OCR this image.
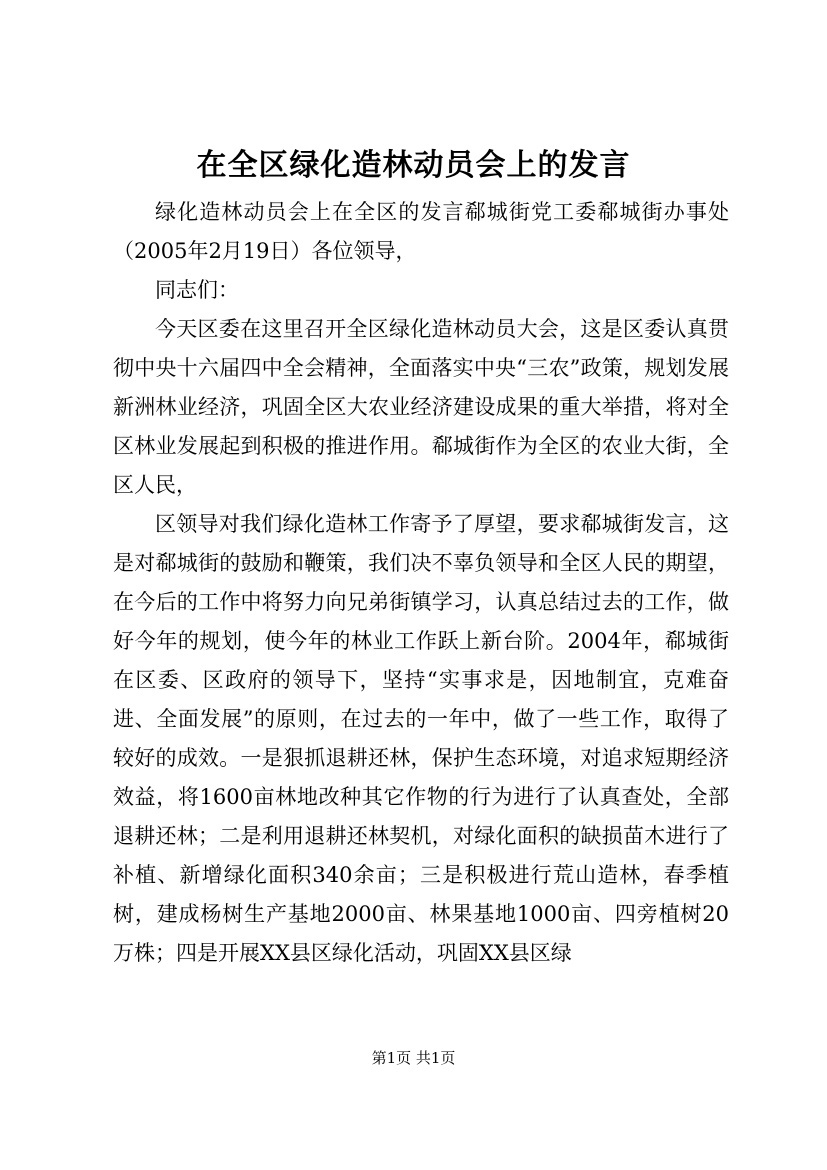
在全区绿化造林动员会上的发言

绿化造林动员会上在全区的发言郗城街党工委郗城街办事处（2005年2月19日）各位领导，

同志们：

今天区委在这里召开全区绿化造林动员大会，这是区委认真贯彻中央十六届四中全会精神，全面落实中央“三农”政策，规划发展新洲林业经济，巩固全区大农业经济建设成果的重大举措，将对全区林业发展起到积极的推进作用。郗城街作为全区的农业大街，全区人民，

区领导对我们绿化造林工作寄予了厚望，要求郗城街发言，这是对郗城街的鼓励和鞭策，我们决不辜负领导和全区人民的期望，在今后的工作中将努力向兄弟街镇学习，认真总结过去的工作，做好今年的规划，使今年的林业工作跃上新台阶。2004年，郗城街在区委、区政府的领导下，坚持“实事求是，因地制宜，克难奋进、全面发展”的原则，在过去的一年中，做了一些工作，取得了较好的成效。一是狠抓退耕还林，保护生态环境，对追求短期经济效益，将1600亩林地改种其它作物的行为进行了认真查处，全部退耕还林；二是利用退耕还林契机，对绿化面积的缺损苗木进行了补植、新增绿化面积340余亩；三是积极进行荒山造林，春季植树，建成杨树生产基地2000亩、林果基地1000亩、四旁植树20万株；四是开展XX县区绿化活动，巩固XX县区绿

第1页 共1页
